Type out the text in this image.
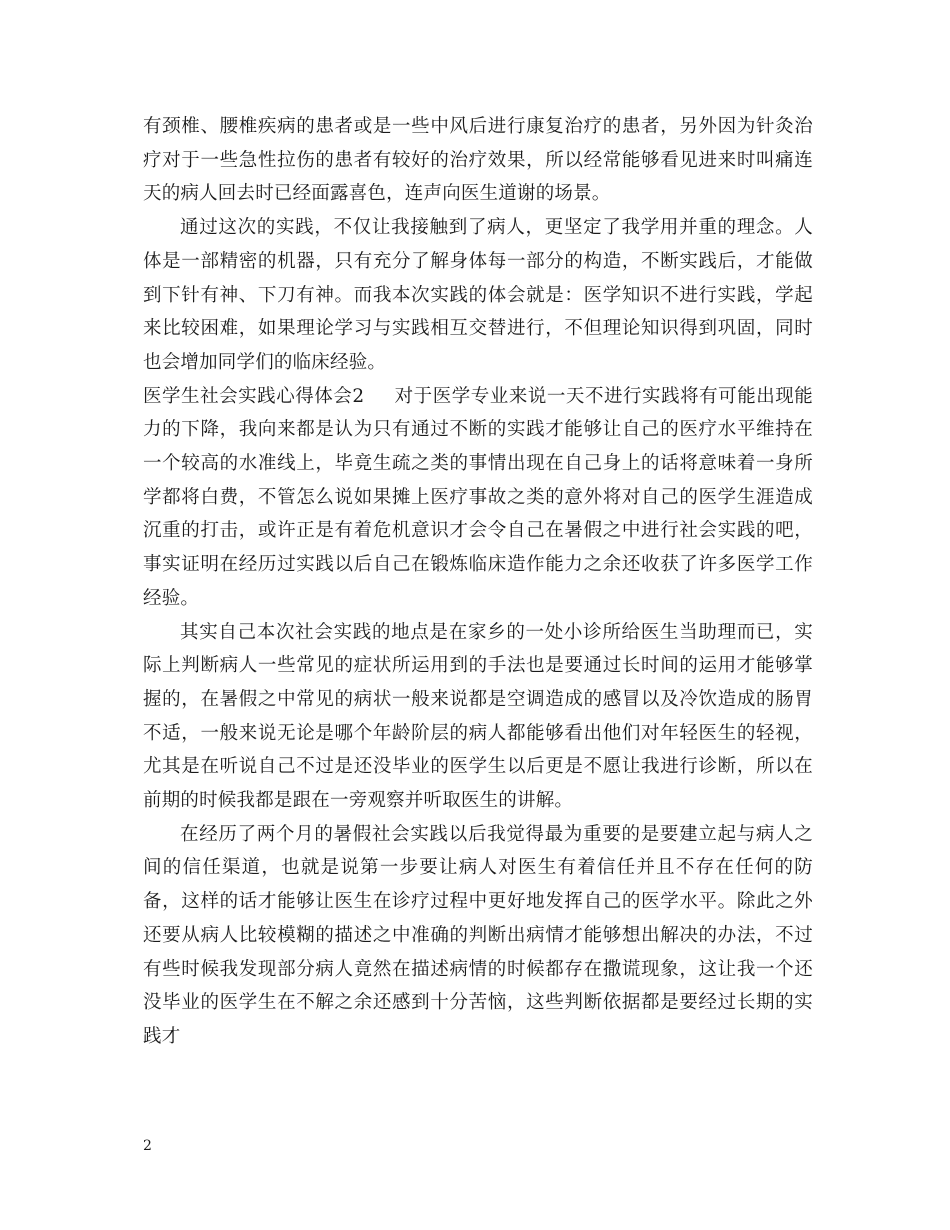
有颈椎、腰椎疾病的患者或是一些中风后进行康复治疗的患者，另外因为针灸治疗对于一些急性拉伤的患者有较好的治疗效果，所以经常能够看见进来时叫痛连天的病人回去时已经面露喜色，连声向医生道谢的场景。

通过这次的实践，不仅让我接触到了病人，更坚定了我学用并重的理念。人体是一部精密的机器，只有充分了解身体每一部分的构造，不断实践后，才能做到下针有神、下刀有神。而我本次实践的体会就是：医学知识不进行实践，学起来比较困难，如果理论学习与实践相互交替进行，不但理论知识得到巩固，同时也会增加同学们的临床经验。

医学生社会实践心得体会2 对于医学专业来说一天不进行实践将有可能出现能力的下降，我向来都是认为只有通过不断的实践才能够让自己的医疗水平维持在一个较高的水准线上，毕竟生疏之类的事情出现在自己身上的话将意味着一身所学都将白费，不管怎么说如果摊上医疗事故之类的意外将对自己的医学生涯造成沉重的打击，或许正是有着危机意识才会令自己在暑假之中进行社会实践的吧，事实证明在经历过实践以后自己在锻炼临床造作能力之余还收获了许多医学工作经验。

其实自己本次社会实践的地点是在家乡的一处小诊所给医生当助理而已，实际上判断病人一些常见的症状所运用到的手法也是要通过长时间的运用才能够掌握的，在暑假之中常见的病状一般来说都是空调造成的感冒以及冷饮造成的肠胃不适，一般来说无论是哪个年龄阶层的病人都能够看出他们对年轻医生的轻视，尤其是在听说自己不过是还没毕业的医学生以后更是不愿让我进行诊断，所以在前期的时候我都是跟在一旁观察并听取医生的讲解。

在经历了两个月的暑假社会实践以后我觉得最为重要的是要建立起与病人之间的信任渠道，也就是说第一步要让病人对医生有着信任并且不存在任何的防备，这样的话才能够让医生在诊疗过程中更好地发挥自己的医学水平。除此之外还要从病人比较模糊的描述之中准确的判断出病情才能够想出解决的办法，不过有些时候我发现部分病人竟然在描述病情的时候都存在撒谎现象，这让我一个还没毕业的医学生在不解之余还感到十分苦恼，这些判断依据都是要经过长期的实践才

2
